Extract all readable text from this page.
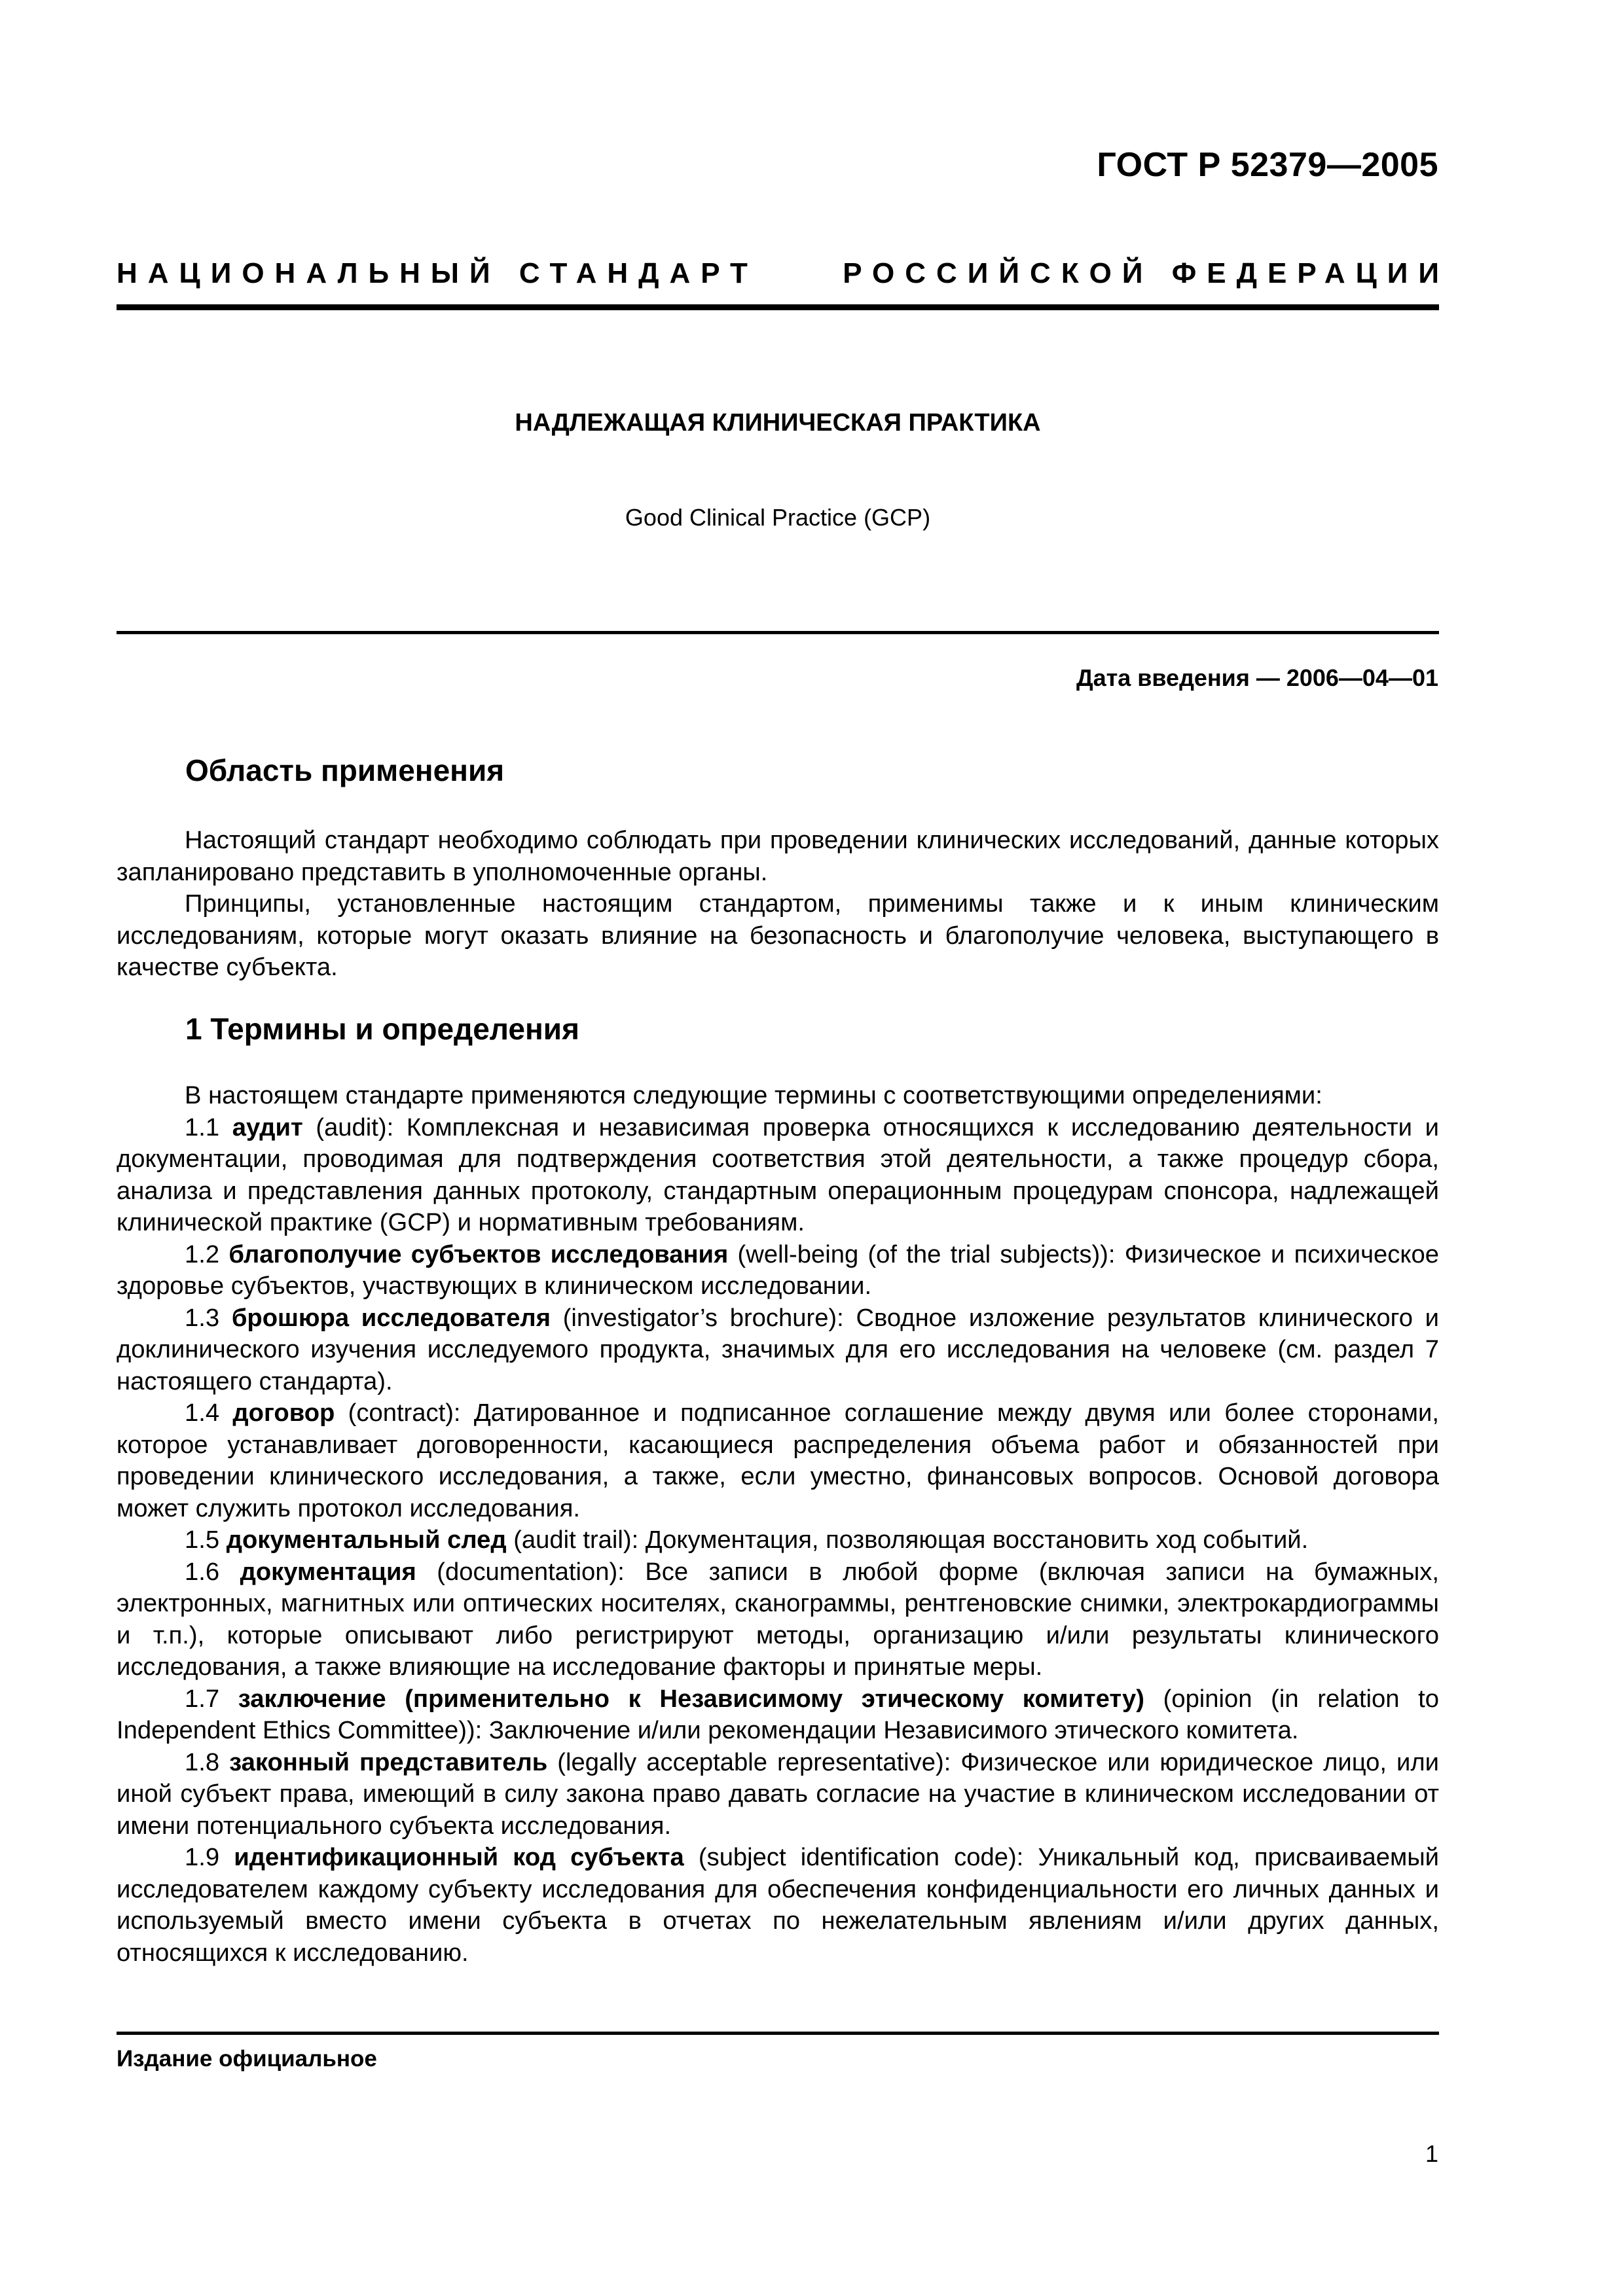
ГОСТ Р 52379—2005
НАЦИОНАЛЬНЫЙ СТАНДАРТ	РОССИЙСКОЙ ФЕДЕРАЦИИ
НАДЛЕЖАЩАЯ КЛИНИЧЕСКАЯ ПРАКТИКА
Good Clinical Practice (GCP)
Дата введения — 2006—04—01
Область применения

Настоящий стандарт необходимо соблюдать при проведении клинических исследований, данные которых запланировано представить в уполномоченные органы.

Принципы, установленные настоящим стандартом, применимы также и к иным клиническим исследованиям, которые могут оказать влияние на безопасность и благополучие человека, выступающего в качестве субъекта.

1 Термины и определения

В настоящем стандарте применяются следующие термины с соответствующими определениями:

1.1 аудит (audit): Комплексная и независимая проверка относящихся к исследованию деятельности и документации, проводимая для подтверждения соответствия этой деятельности, а также процедур сбора, анализа и представления данных протоколу, стандартным операционным процедурам спонсора, надлежащей клинической практике (GCP) и нормативным требованиям.

1.2 благополучие субъектов исследования (well-being (of the trial subjects)): Физическое и психическое здоровье субъектов, участвующих в клиническом исследовании.

1.3 брошюра исследователя (investigator’s brochure): Сводное изложение результатов клинического и доклинического изучения исследуемого продукта, значимых для его исследования на человеке (см. раздел 7 настоящего стандарта).

1.4 договор (contract): Датированное и подписанное соглашение между двумя или более сторонами, которое устанавливает договоренности, касающиеся распределения объема работ и обязанностей при проведении клинического исследования, а также, если уместно, финансовых вопросов. Основой договора может служить протокол исследования.

1.5 документальный след (audit trail): Документация, позволяющая восстановить ход событий.

1.6 документация (documentation): Все записи в любой форме (включая записи на бумажных, электронных, магнитных или оптических носителях, сканограммы, рентгеновские снимки, электрокардиограммы и т.п.), которые описывают либо регистрируют методы, организацию и/или результаты клинического исследования, а также влияющие на исследование факторы и принятые меры.

1.7 заключение (применительно к Независимому этическому комитету) (opinion (in relation to Independent Ethics Committee)): Заключение и/или рекомендации Независимого этического комитета.

1.8 законный представитель (legally acceptable representative): Физическое или юридическое лицо, или иной субъект права, имеющий в силу закона право давать согласие на участие в клиническом исследовании от имени потенциального субъекта исследования.

1.9 идентификационный код субъекта (subject identification code): Уникальный код, присваиваемый исследователем каждому субъекту исследования для обеспечения конфиденциальности его личных данных и используемый вместо имени субъекта в отчетах по нежелательным явлениям и/или других данных, относящихся к исследованию.

Издание официальное
1
